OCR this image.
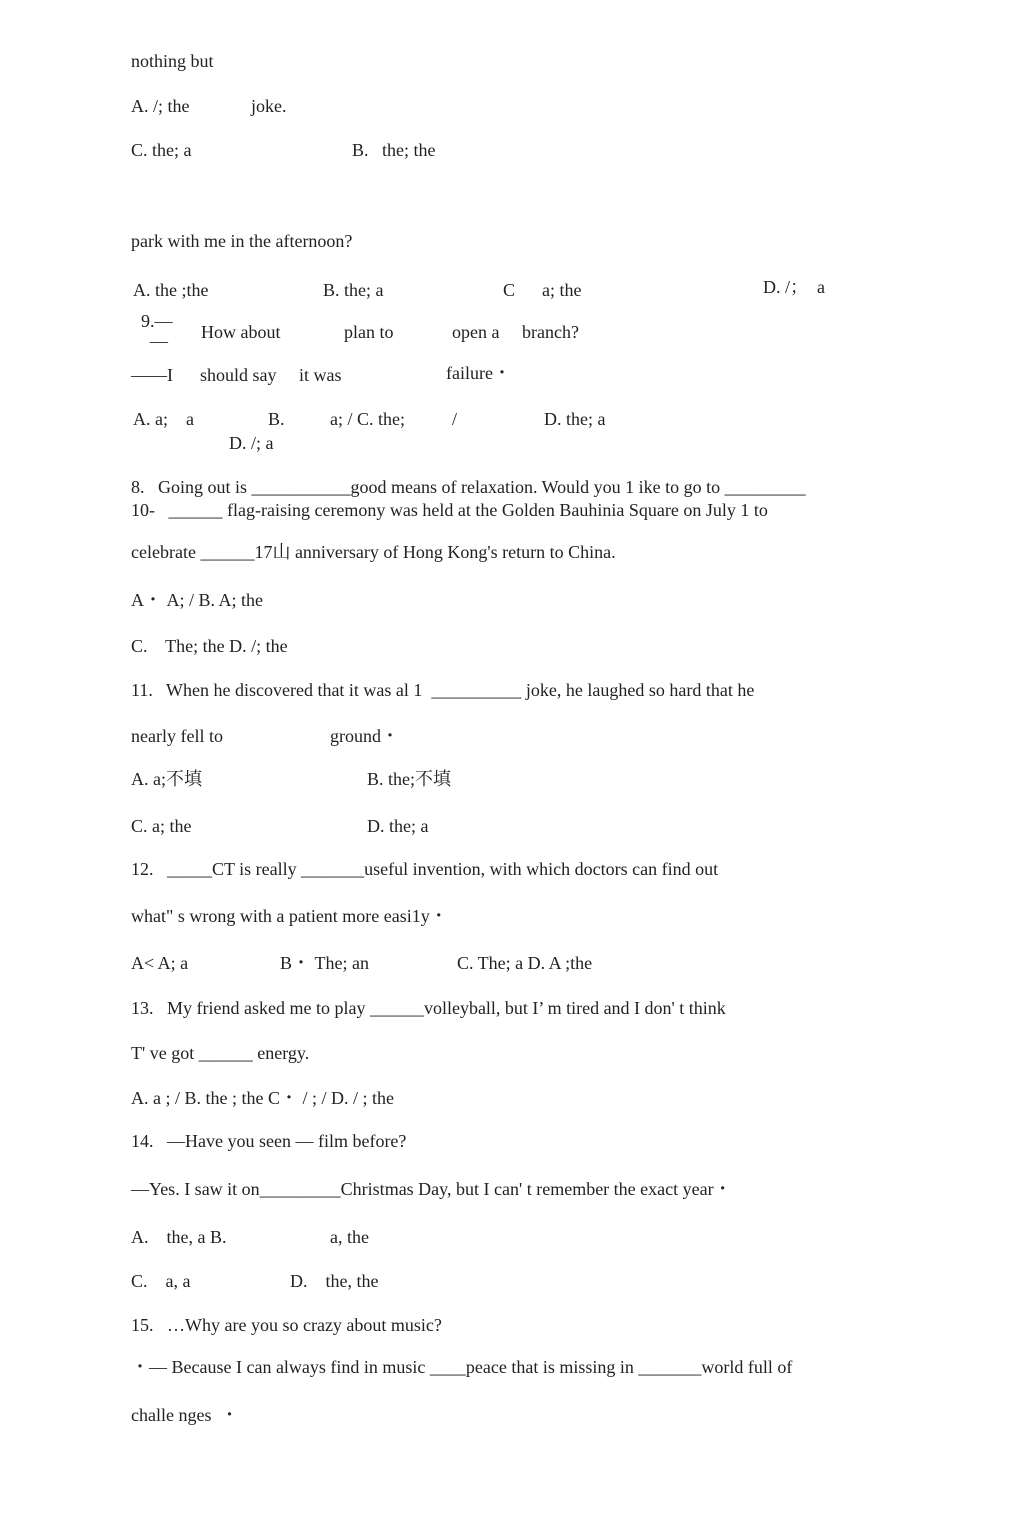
nothing but
A. /; the	joke.
C. the; a	B.   the; the
park with me in the afternoon?
A. the ;the	B. the; a	C      a; the	D. /；  a
9.—
— How about	plan to	open a branch?
——I should say it was	failure・
A. a;    a	B.	a; / C. the;	/	D. the; a
D. /; a
8.   Going out is ___________good means of relaxation. Would you 1 ike to go to _________
10-   ______ flag-raising ceremony was held at the Golden Bauhinia Square on July 1 to
celebrate ______17山 anniversary of Hong Kong's return to China.
A・ A; / B. A; the
C.    The; the D. /; the
11.   When he discovered that it was al 1  __________ joke, he laughed so hard that he
nearly fell to	ground・
A. a;不填	B. the;不填
C. a; the	D. the; a
12.   _____CT is really _______useful invention, with which doctors can find out
what" s wrong with a patient more easi1y・
A< A; a	B・ The; an	C. The; a D. A ;the
13.   My friend asked me to play ______volleyball, but I’ m tired and I don' t think
T' ve got ______ energy.
A. a ; / B. the ; the C・ / ; / D. / ; the
14.   —Have you seen — film before?
—Yes. I saw it on_________Christmas Day, but I can' t remember the exact year・
A.    the, a B.	a, the
C.    a, a	D.    the, the
15.   …Why are you so crazy about music?
・— Because I can always find in music ____peace that is missing in _______world full of
challe nges  ・
